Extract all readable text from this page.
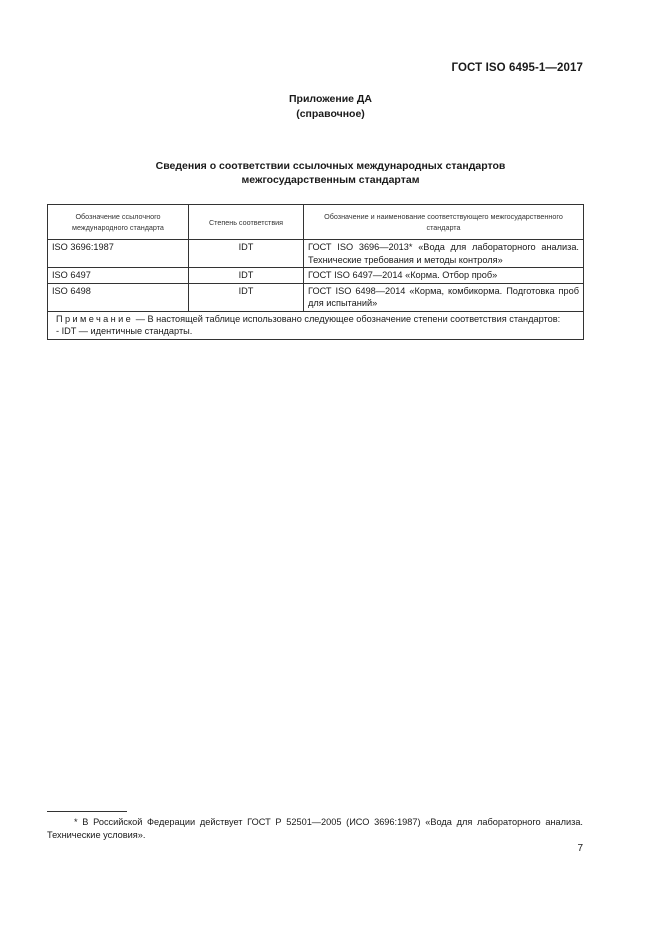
ГОСТ ISO 6495-1—2017
Приложение ДА
(справочное)
Сведения о соответствии ссылочных международных стандартов
межгосударственным стандартам
Обозначение ссылочного международного стандарта	Степень соответствия	Обозначение и наименование соответствующего межгосударственного стандарта
ISO 3696:1987	IDT	ГОСТ ISO 3696—2013* «Вода для лабораторного анализа. Технические требования и методы контроля»
ISO 6497	IDT	ГОСТ ISO 6497—2014 «Корма. Отбор проб»
ISO 6498	IDT	ГОСТ ISO 6498—2014 «Корма, комбикорма. Подготовка проб для испытаний»

Примечание — В настоящей таблице использовано следующее обозначение степени соответствия стандартов:
- IDT — идентичные стандарты.		
* В Российской Федерации действует ГОСТ Р 52501—2005 (ИСО 3696:1987) «Вода для лабораторного анализа. Технические условия».
7
